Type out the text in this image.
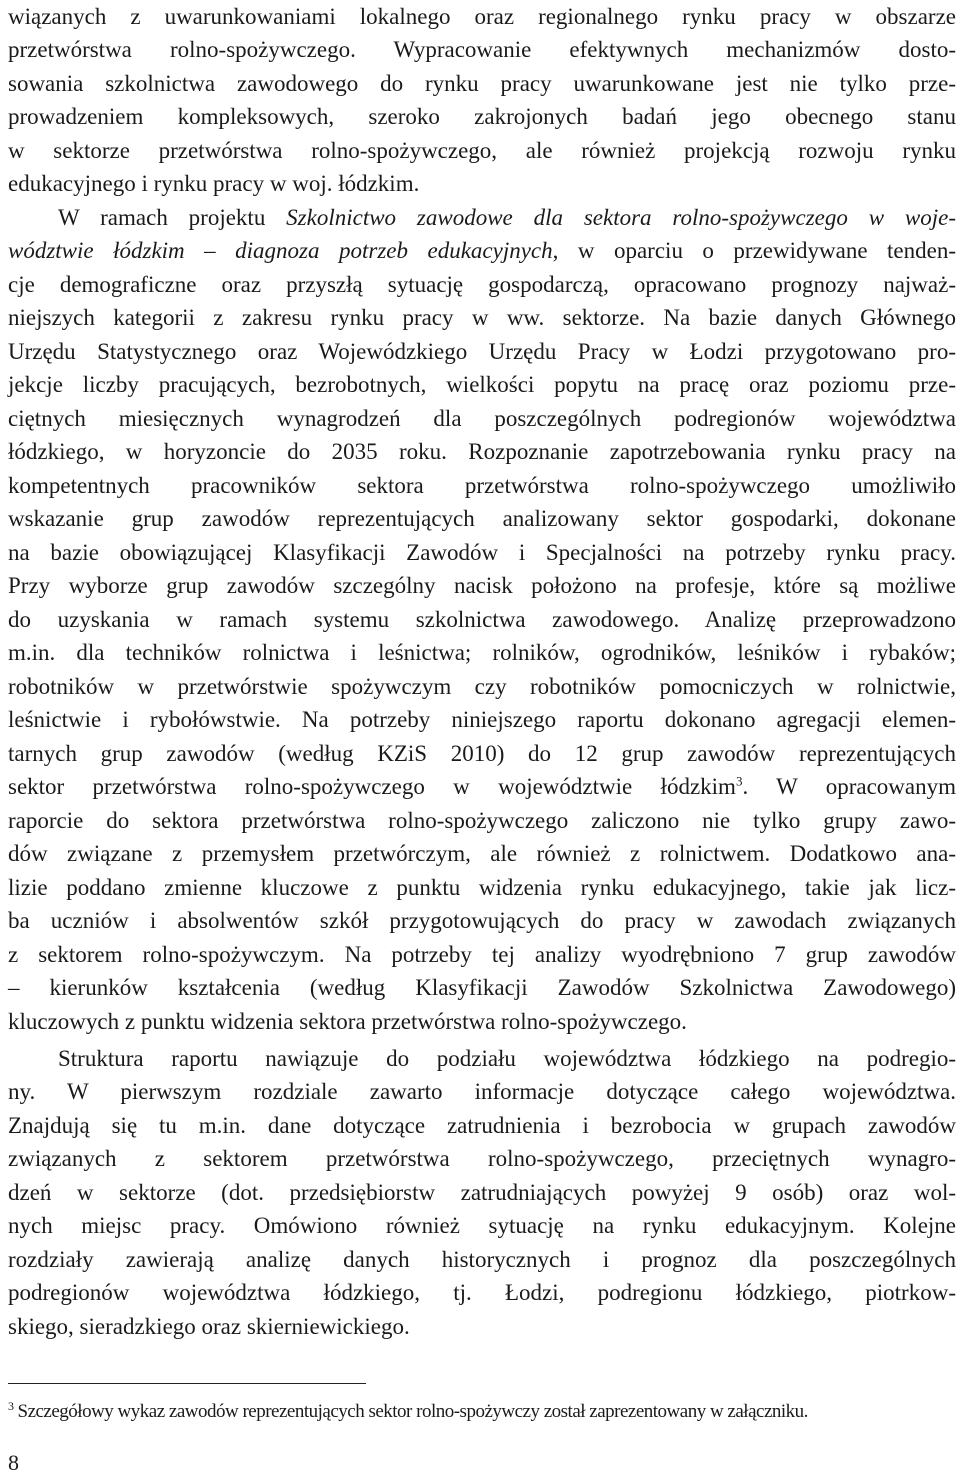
wiązanych z uwarunkowaniami lokalnego oraz regionalnego rynku pracy w obszarze
przetwórstwa rolno-spożywczego. Wypracowanie efektywnych mechanizmów dosto-
sowania szkolnictwa zawodowego do rynku pracy uwarunkowane jest nie tylko prze-
prowadzeniem kompleksowych, szeroko zakrojonych badań jego obecnego stanu
w sektorze przetwórstwa rolno-spożywczego, ale również projekcją rozwoju rynku
edukacyjnego i rynku pracy w woj. łódzkim.
W ramach projektu Szkolnictwo zawodowe dla sektora rolno-spożywczego w woje-
wództwie łódzkim – diagnoza potrzeb edukacyjnych, w oparciu o przewidywane tenden-
cje demograficzne oraz przyszłą sytuację gospodarczą, opracowano prognozy najważ-
niejszych kategorii z zakresu rynku pracy w ww. sektorze. Na bazie danych Głównego
Urzędu Statystycznego oraz Wojewódzkiego Urzędu Pracy w Łodzi przygotowano pro-
jekcje liczby pracujących, bezrobotnych, wielkości popytu na pracę oraz poziomu prze-
ciętnych miesięcznych wynagrodzeń dla poszczególnych podregionów województwa
łódzkiego, w horyzoncie do 2035 roku. Rozpoznanie zapotrzebowania rynku pracy na
kompetentnych pracowników sektora przetwórstwa rolno-spożywczego umożliwiło
wskazanie grup zawodów reprezentujących analizowany sektor gospodarki, dokonane
na bazie obowiązującej Klasyfikacji Zawodów i Specjalności na potrzeby rynku pracy.
Przy wyborze grup zawodów szczególny nacisk położono na profesje, które są możliwe
do uzyskania w ramach systemu szkolnictwa zawodowego. Analizę przeprowadzono
m.in. dla techników rolnictwa i leśnictwa; rolników, ogrodników, leśników i rybaków;
robotników w przetwórstwie spożywczym czy robotników pomocniczych w rolnictwie,
leśnictwie i rybołówstwie. Na potrzeby niniejszego raportu dokonano agregacji elemen-
tarnych grup zawodów (według KZiS 2010) do 12 grup zawodów reprezentujących
sektor przetwórstwa rolno-spożywczego w województwie łódzkim$^3$. W opracowanym
raporcie do sektora przetwórstwa rolno-spożywczego zaliczono nie tylko grupy zawo-
dów związane z przemysłem przetwórczym, ale również z rolnictwem. Dodatkowo ana-
lizie poddano zmienne kluczowe z punktu widzenia rynku edukacyjnego, takie jak licz-
ba uczniów i absolwentów szkół przygotowujących do pracy w zawodach związanych
z sektorem rolno-spożywczym. Na potrzeby tej analizy wyodrębniono 7 grup zawodów
– kierunków kształcenia (według Klasyfikacji Zawodów Szkolnictwa Zawodowego)
kluczowych z punktu widzenia sektora przetwórstwa rolno-spożywczego.
Struktura raportu nawiązuje do podziału województwa łódzkiego na podregio-
ny. W pierwszym rozdziale zawarto informacje dotyczące całego województwa.
Znajdują się tu m.in. dane dotyczące zatrudnienia i bezrobocia w grupach zawodów
związanych z sektorem przetwórstwa rolno-spożywczego, przeciętnych wynagro-
dzeń w sektorze (dot. przedsiębiorstw zatrudniających powyżej 9 osób) oraz wol-
nych miejsc pracy. Omówiono również sytuację na rynku edukacyjnym. Kolejne
rozdziały zawierają analizę danych historycznych i prognoz dla poszczególnych
podregionów województwa łódzkiego, tj. Łodzi, podregionu łódzkiego, piotrkow-
skiego, sieradzkiego oraz skierniewickiego.
$^3$ Szczegółowy wykaz zawodów reprezentujących sektor rolno-spożywczy został zaprezentowany w załączniku.
8
